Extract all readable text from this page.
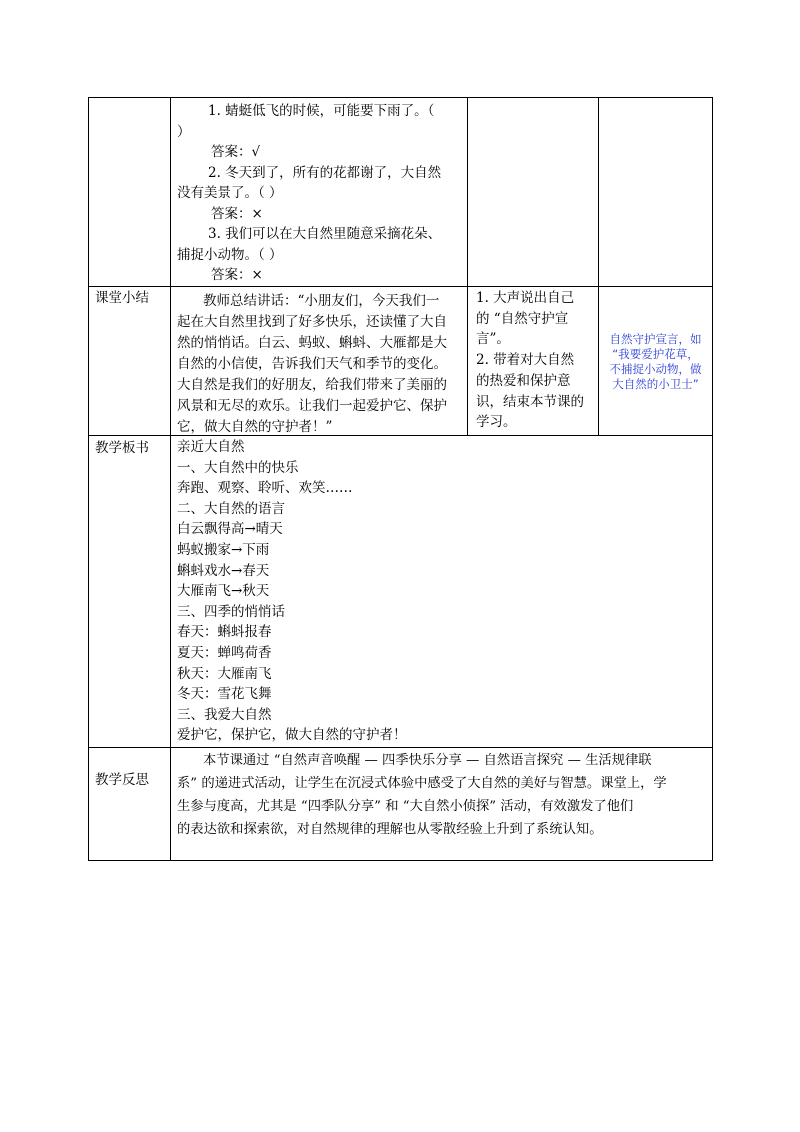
1. 蜻蜓低飞的时候，可能要下雨了。（
）
答案：√
2. 冬天到了，所有的花都谢了，大自然
没有美景了。（ ）
答案：×
3. 我们可以在大自然里随意采摘花朵、
捕捉小动物。（ ）
答案：×
课堂小结	教师总结讲话：“小朋友们，今天我们一
起在大自然里找到了好多快乐，还读懂了大自
然的悄悄话。白云、蚂蚁、蝌蚪、大雁都是大
自然的小信使，告诉我们天气和季节的变化。
大自然是我们的好朋友，给我们带来了美丽的
风景和无尽的欢乐。让我们一起爱护它、保护
它，做大自然的守护者！”
1. 大声说出自己
的 “自然守护宣
言”。
2. 带着对大自然
的热爱和保护意
识，结束本节课的
学习。
自然守护宣言，如
“我要爱护花草，
不捕捉小动物，做
大自然的小卫士”
教学板书 亲近大自然
一、大自然中的快乐
奔跑、观察、聆听、欢笑……
二、大自然的语言
白云飘得高→晴天
蚂蚁搬家→下雨
蝌蚪戏水→春天
大雁南飞→秋天
三、四季的悄悄话
春天：蝌蚪报春
夏天：蝉鸣荷香
秋天：大雁南飞
冬天：雪花飞舞
三、我爱大自然
爱护它，保护它，做大自然的守护者！
教学反思
本节课通过 “自然声音唤醒 — 四季快乐分享 — 自然语言探究 — 生活规律联
系” 的递进式活动，让学生在沉浸式体验中感受了大自然的美好与智慧。课堂上，学
生参与度高，尤其是 “四季队分享” 和 “大自然小侦探” 活动，有效激发了他们
的表达欲和探索欲，对自然规律的理解也从零散经验上升到了系统认知。
